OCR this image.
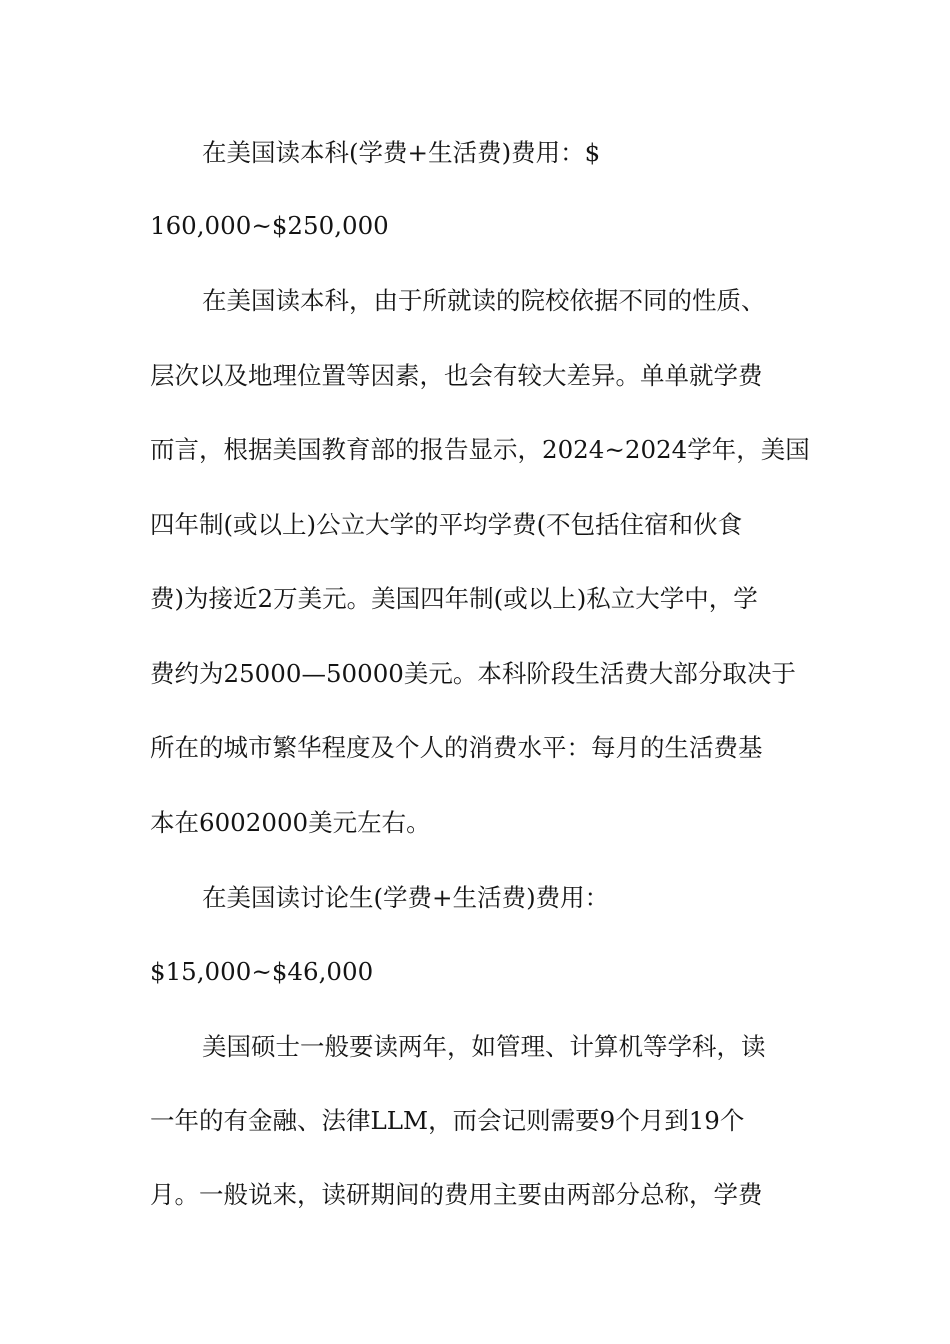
在美国读本科(学费+生活费)费用：$
160,000~$250,000
在美国读本科，由于所就读的院校依据不同的性质、
层次以及地理位置等因素，也会有较大差异。单单就学费
而言，根据美国教育部的报告显示，2024~2024学年，美国
四年制(或以上)公立大学的平均学费(不包括住宿和伙食
费)为接近2万美元。美国四年制(或以上)私立大学中，学
费约为25000—50000美元。本科阶段生活费大部分取决于
所在的城市繁华程度及个人的消费水平：每月的生活费基
本在6002000美元左右。
在美国读讨论生(学费+生活费)费用：
$15,000~$46,000
美国硕士一般要读两年，如管理、计算机等学科，读
一年的有金融、法律LLM，而会记则需要9个月到19个
月。一般说来，读研期间的费用主要由两部分总称，学费
